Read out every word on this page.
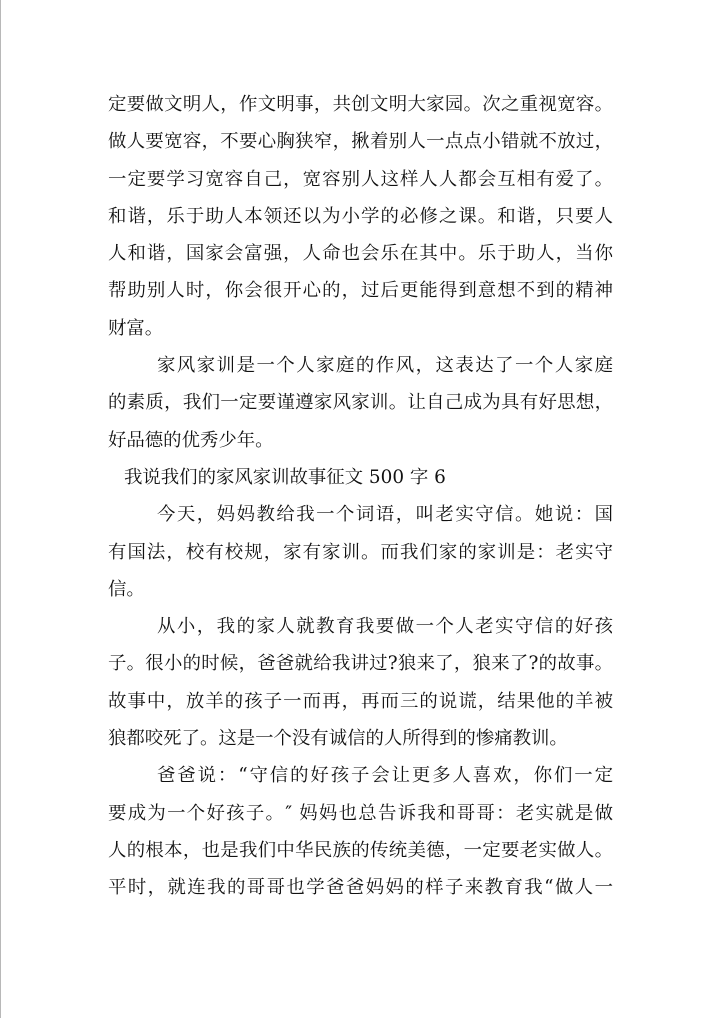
定要做文明人，作文明事，共创文明大家园。次之重视宽容。
做人要宽容，不要心胸狭窄，揪着别人一点点小错就不放过，
一定要学习宽容自己，宽容别人这样人人都会互相有爱了。
和谐，乐于助人本领还以为小学的必修之课。和谐，只要人
人和谐，国家会富强，人命也会乐在其中。乐于助人，当你
帮助别人时，你会很开心的，过后更能得到意想不到的精神
财富。
家风家训是一个人家庭的作风，这表达了一个人家庭
的素质，我们一定要谨遵家风家训。让自己成为具有好思想，
好品德的优秀少年。
我说我们的家风家训故事征文 500 字 6
今天，妈妈教给我一个词语，叫老实守信。她说：国
有国法，校有校规，家有家训。而我们家的家训是：老实守
信。
从小，我的家人就教育我要做一个人老实守信的好孩
子。很小的时候，爸爸就给我讲过?狼来了，狼来了?的故事。
故事中，放羊的孩子一而再，再而三的说谎，结果他的羊被
狼都咬死了。这是一个没有诚信的人所得到的惨痛教训。
爸爸说：“守信的好孩子会让更多人喜欢，你们一定
要成为一个好孩子。″ 妈妈也总告诉我和哥哥：老实就是做
人的根本，也是我们中华民族的传统美德，一定要老实做人。
平时，就连我的哥哥也学爸爸妈妈的样子来教育我“做人一
